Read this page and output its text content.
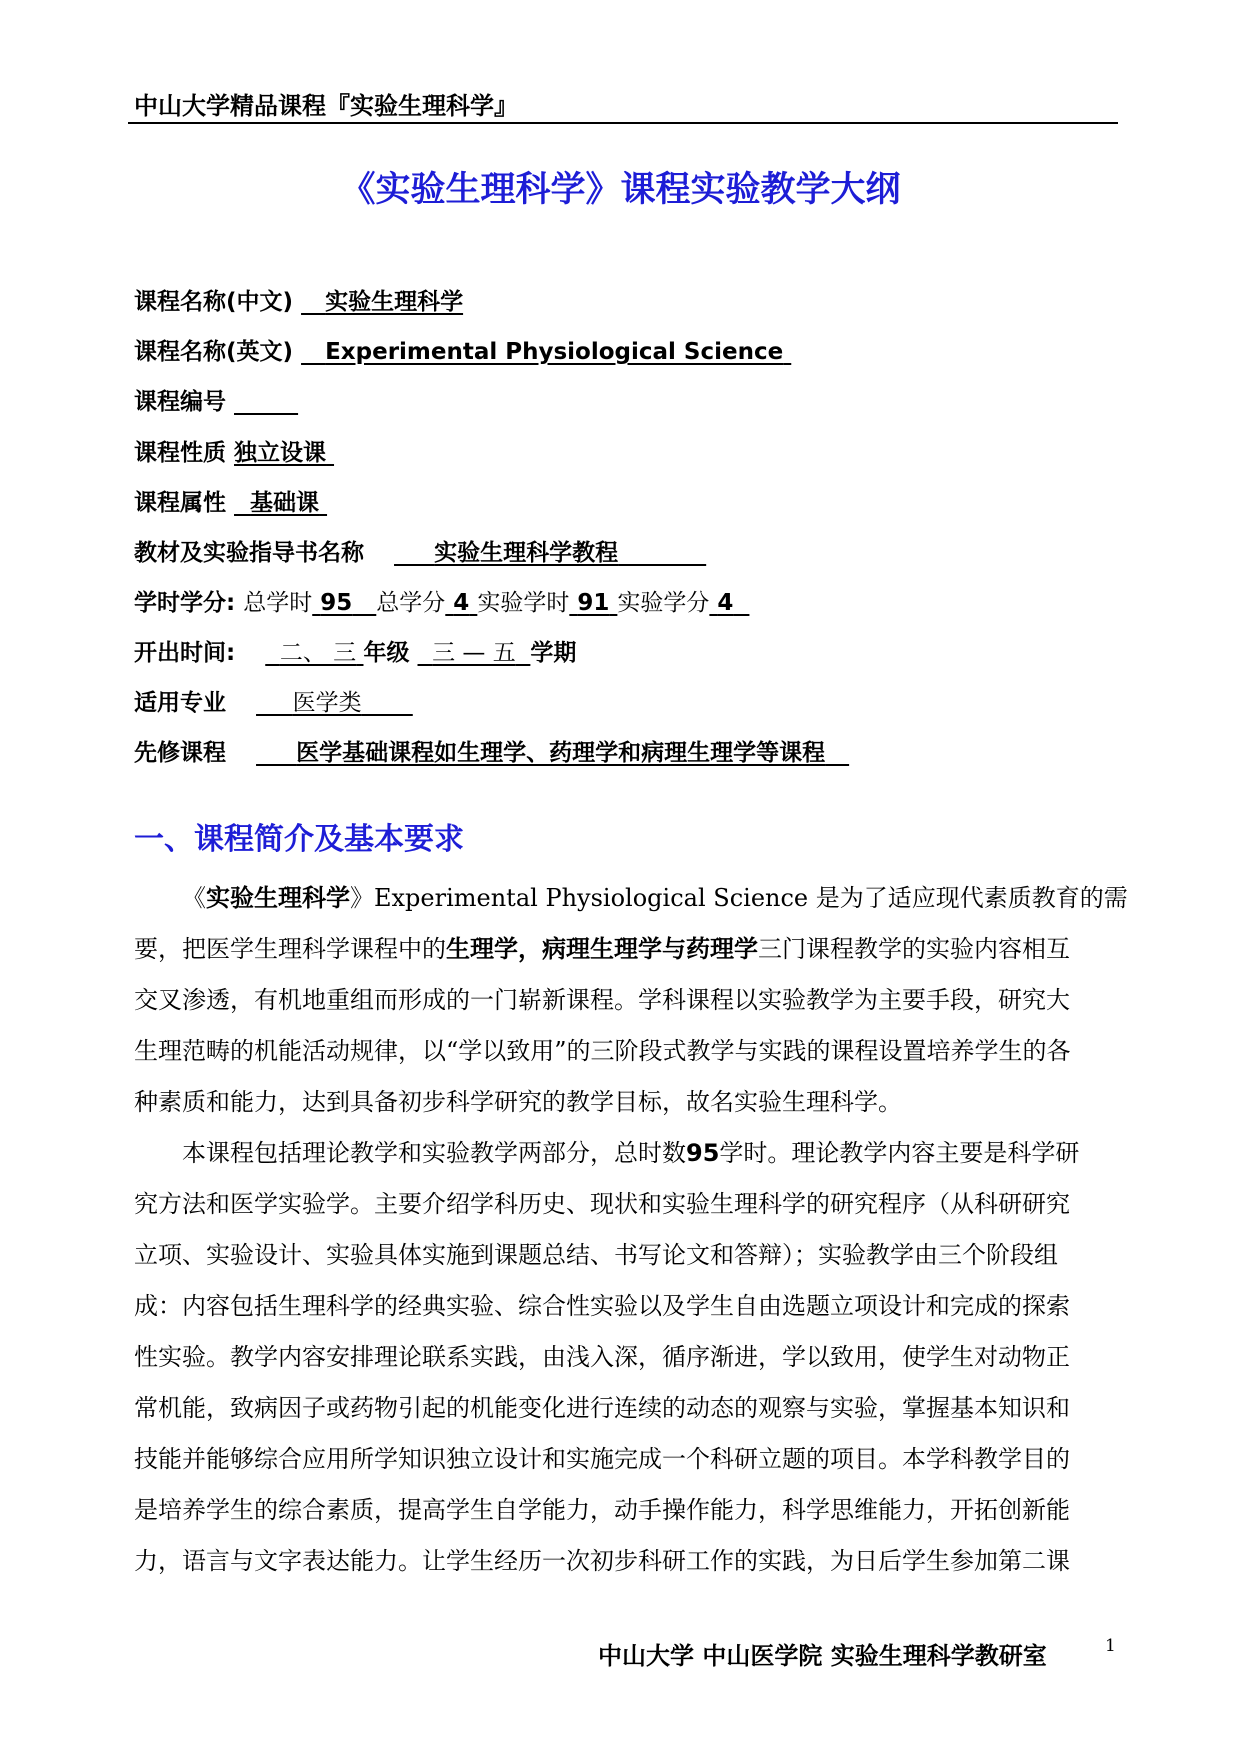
中山大学精品课程『实验生理科学』
《实验生理科学》课程实验教学大纲
课程名称(中文) 实验生理科学
课程名称(英文) Experimental Physiological Science
课程编号
课程性质 独立设课
课程属性 基础课
教材及实验指导书名称	实验生理科学教程
学时学分: 总学时 95 总学分 4 实验学时 91 实验学分 4
开出时间: 二、 三 年级 三 — 五 学期
适用专业	医学类
先修课程	医学基础课程如生理学、药理学和病理生理学等课程
一、课程简介及基本要求
《实验生理科学》Experimental Physiological Science 是为了适应现代素质教育的需
要，把医学生理科学课程中的生理学，病理生理学与药理学三门课程教学的实验内容相互
交叉渗透，有机地重组而形成的一门崭新课程。学科课程以实验教学为主要手段，研究大
生理范畴的机能活动规律，以“学以致用”的三阶段式教学与实践的课程设置培养学生的各
种素质和能力，达到具备初步科学研究的教学目标，故名实验生理科学。
本课程包括理论教学和实验教学两部分，总时数95学时。理论教学内容主要是科学研
究方法和医学实验学。主要介绍学科历史、现状和实验生理科学的研究程序（从科研研究
立项、实验设计、实验具体实施到课题总结、书写论文和答辩）；实验教学由三个阶段组
成：内容包括生理科学的经典实验、综合性实验以及学生自由选题立项设计和完成的探索
性实验。教学内容安排理论联系实践，由浅入深，循序渐进，学以致用，使学生对动物正
常机能，致病因子或药物引起的机能变化进行连续的动态的观察与实验，掌握基本知识和
技能并能够综合应用所学知识独立设计和实施完成一个科研立题的项目。本学科教学目的
是培养学生的综合素质，提高学生自学能力，动手操作能力，科学思维能力，开拓创新能
力，语言与文字表达能力。让学生经历一次初步科研工作的实践，为日后学生参加第二课
中山大学 中山医学院 实验生理科学教研室	1
